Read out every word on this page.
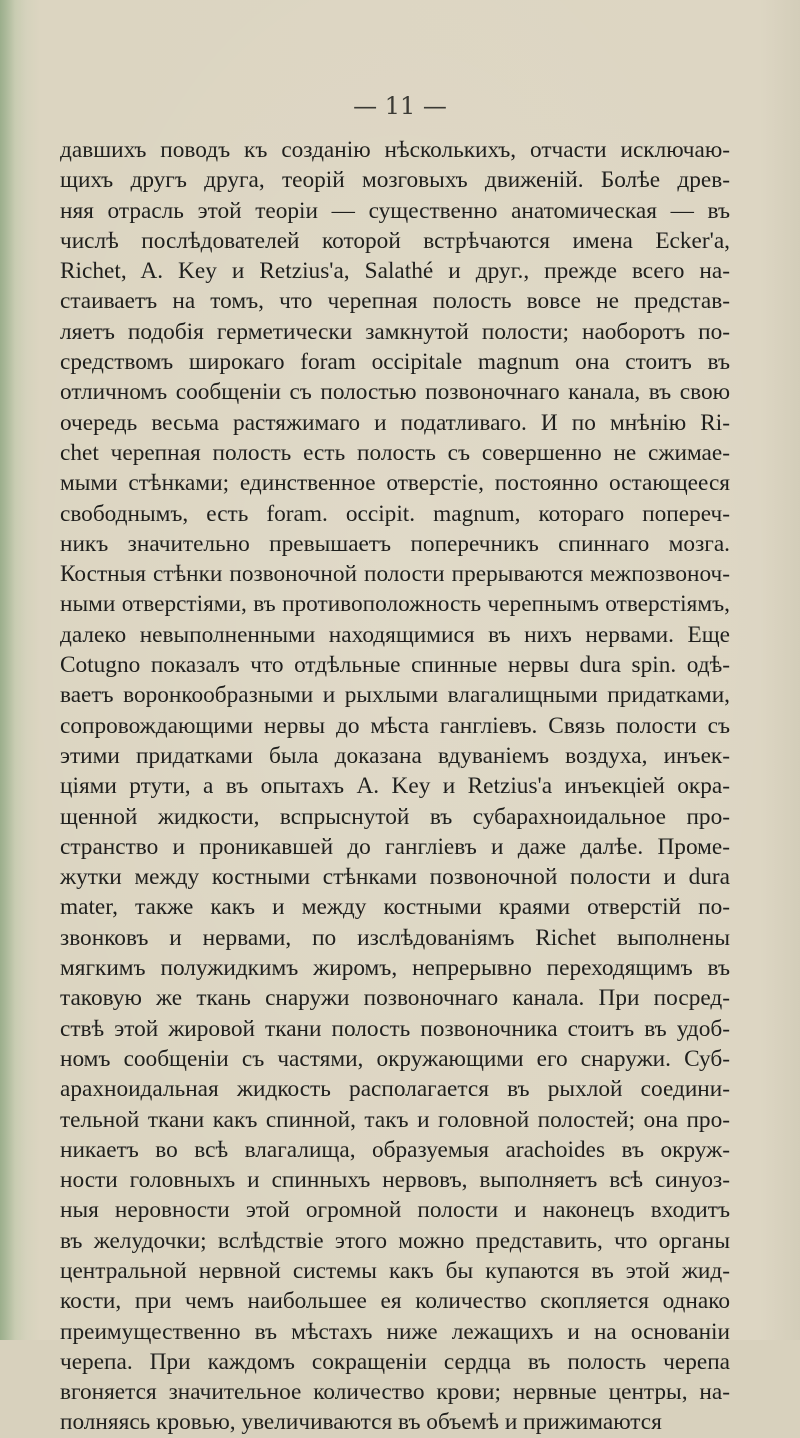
— 11 —
давшихъ поводъ къ созданію нѣсколькихъ, отчасти исключаю-
щихъ другъ друга, теорій мозговыхъ движеній. Болѣе древ-
няя отрасль этой теоріи — существенно анатомическая — въ
числѣ послѣдователей которой встрѣчаются имена Еcker'а,
Richet, A. Key и Retzius'а, Salathé и друг., прежде всего на-
стаиваетъ на томъ, что черепная полость вовсе не представ-
ляетъ подобія герметически замкнутой полости; наоборотъ по-
средствомъ широкаго foram occipitale magnum она стоитъ въ
отличномъ сообщеніи съ полостью позвоночнаго канала, въ свою
очередь весьма растяжимаго и податливаго. И по мнѣнію Ri-
chet черепная полость есть полость съ совершенно не сжимае-
мыми стѣнками; единственное отверстіе, постоянно остающееся
свободнымъ, есть foram. occipit. magnum, котораго попереч-
никъ значительно превышаетъ поперечникъ спиннаго мозга.
Костныя стѣнки позвоночной полости прерываются межпозвоноч-
ными отверстіями, въ противоположность черепнымъ отверстіямъ,
далеко невыполненными находящимися въ нихъ нервами. Еще
Cotugno показалъ что отдѣльные спинные нервы dura spin. одѣ-
ваетъ воронкообразными и рыхлыми влагалищными придатками,
сопровождающими нервы до мѣста гангліевъ. Связь полости съ
этими придатками была доказана вдуваніемъ воздуха, инъек-
ціями ртути, а въ опытахъ А. Key и Retzius'а инъекціей окра-
щенной жидкости, вспрыснутой въ субарахноидальное про-
странство и проникавшей до гангліевъ и даже далѣе. Проме-
жутки между костными стѣнками позвоночной полости и dura
mater, также какъ и между костными краями отверстій по-
звонковъ и нервами, по изслѣдованіямъ Richet выполнены
мягкимъ полужидкимъ жиромъ, непрерывно переходящимъ въ
таковую же ткань снаружи позвоночнаго канала. При посред-
ствѣ этой жировой ткани полость позвоночника стоитъ въ удоб-
номъ сообщеніи съ частями, окружающими его снаружи. Суб-
арахноидальная жидкость располагается въ рыхлой соедини-
тельной ткани какъ спинной, такъ и головной полостей; она про-
никаетъ во всѣ влагалища, образуемыя arachoides въ окруж-
ности головныхъ и спинныхъ нервовъ, выполняетъ всѣ синуоз-
ныя неровности этой огромной полости и наконецъ входитъ
въ желудочки; вслѣдствіе этого можно представить, что органы
центральной нервной системы какъ бы купаются въ этой жид-
кости, при чемъ наибольшее ея количество скопляется однако
преимущественно въ мѣстахъ ниже лежащихъ и на основаніи
черепа. При каждомъ сокращеніи сердца въ полость черепа
вгоняется значительное количество крови; нервные центры, на-
полняясь кровью, увеличиваются въ объемѣ и прижимаются
